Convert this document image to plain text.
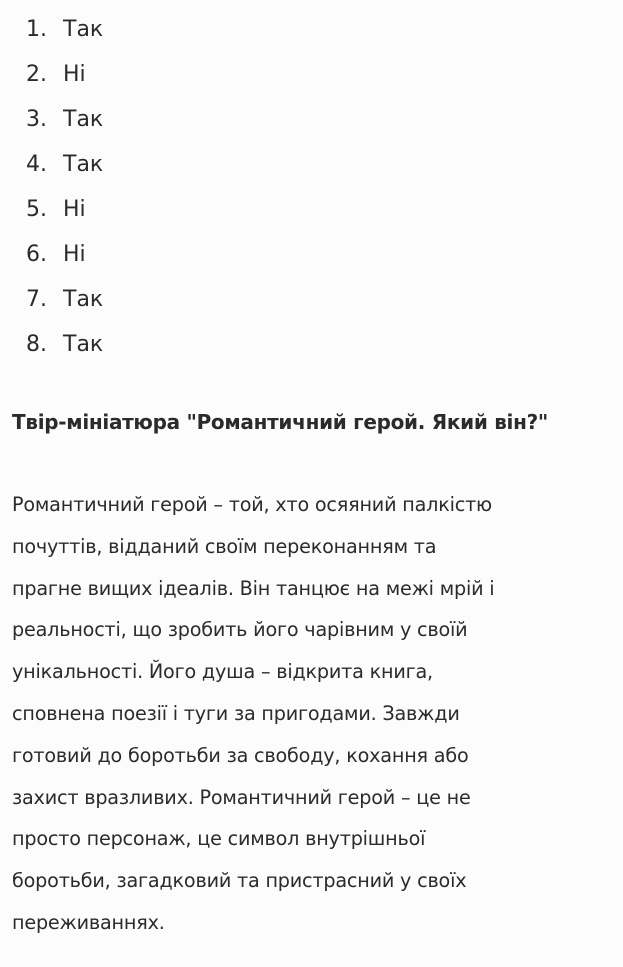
1. Так
2. Ні
3. Так
4. Так
5. Ні
6. Ні
7. Так
8. Так
Твір-мініатюра "Романтичний герой. Який він?"
Романтичний герой – той, хто осяяний палкістю
почуттів, відданий своїм переконанням та
прагне вищих ідеалів. Він танцює на межі мрій і
реальності, що зробить його чарівним у своїй
унікальності. Його душа – відкрита книга,
сповнена поезії і туги за пригодами. Завжди
готовий до боротьби за свободу, кохання або
захист вразливих. Романтичний герой – це не
просто персонаж, це символ внутрішньої
боротьби, загадковий та пристрасний у своїх
переживаннях.
